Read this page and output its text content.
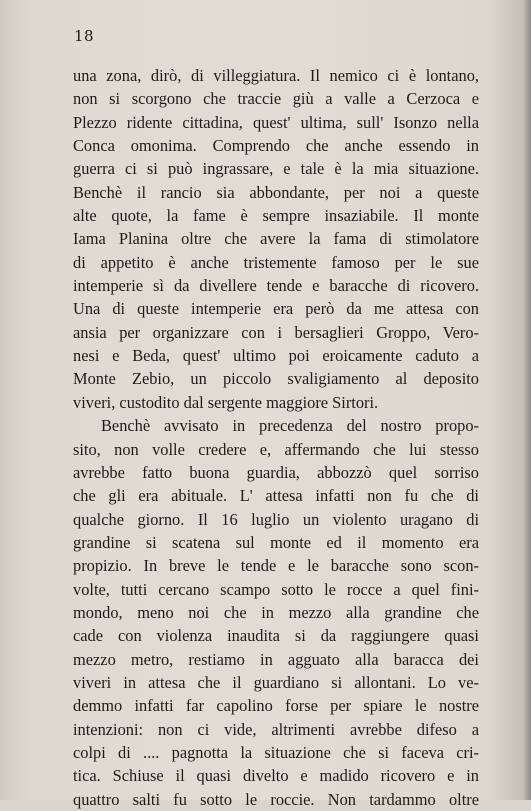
18
una zona, dirò, di villeggiatura. Il nemico ci è lontano,
non si scorgono che traccie giù a valle a Cerzoca e
Plezzo ridente cittadina, quest' ultima, sull' Isonzo nella
Conca omonima. Comprendo che anche essendo in
guerra ci si può ingrassare, e tale è la mia situazione.
Benchè il rancio sia abbondante, per noi a queste
alte quote, la fame è sempre insaziabile. Il monte
Iama Planina oltre che avere la fama di stimolatore
di appetito è anche tristemente famoso per le sue
intemperie sì da divellere tende e baracche di ricovero.
Una di queste intemperie era però da me attesa con
ansia per organizzare con i bersaglieri Groppo, Vero-
nesi e Beda, quest' ultimo poi eroicamente caduto a
Monte Zebio, un piccolo svaligiamento al deposito
viveri, custodito dal sergente maggiore Sirtori.
Benchè avvisato in precedenza del nostro propo-
sito, non volle credere e, affermando che lui stesso
avrebbe fatto buona guardia, abbozzò quel sorriso
che gli era abituale. L' attesa infatti non fu che di
qualche giorno. Il 16 luglio un violento uragano di
grandine si scatena sul monte ed il momento era
propizio. In breve le tende e le baracche sono scon-
volte, tutti cercano scampo sotto le rocce a quel fini-
mondo, meno noi che in mezzo alla grandine che
cade con violenza inaudita si da raggiungere quasi
mezzo metro, restiamo in agguato alla baracca dei
viveri in attesa che il guardiano si allontani. Lo ve-
demmo infatti far capolino forse per spiare le nostre
intenzioni: non ci vide, altrimenti avrebbe difeso a
colpi di .... pagnotta la situazione che si faceva cri-
tica. Schiuse il quasi divelto e madido ricovero e in
quattro salti fu sotto le roccie. Non tardammo oltre
